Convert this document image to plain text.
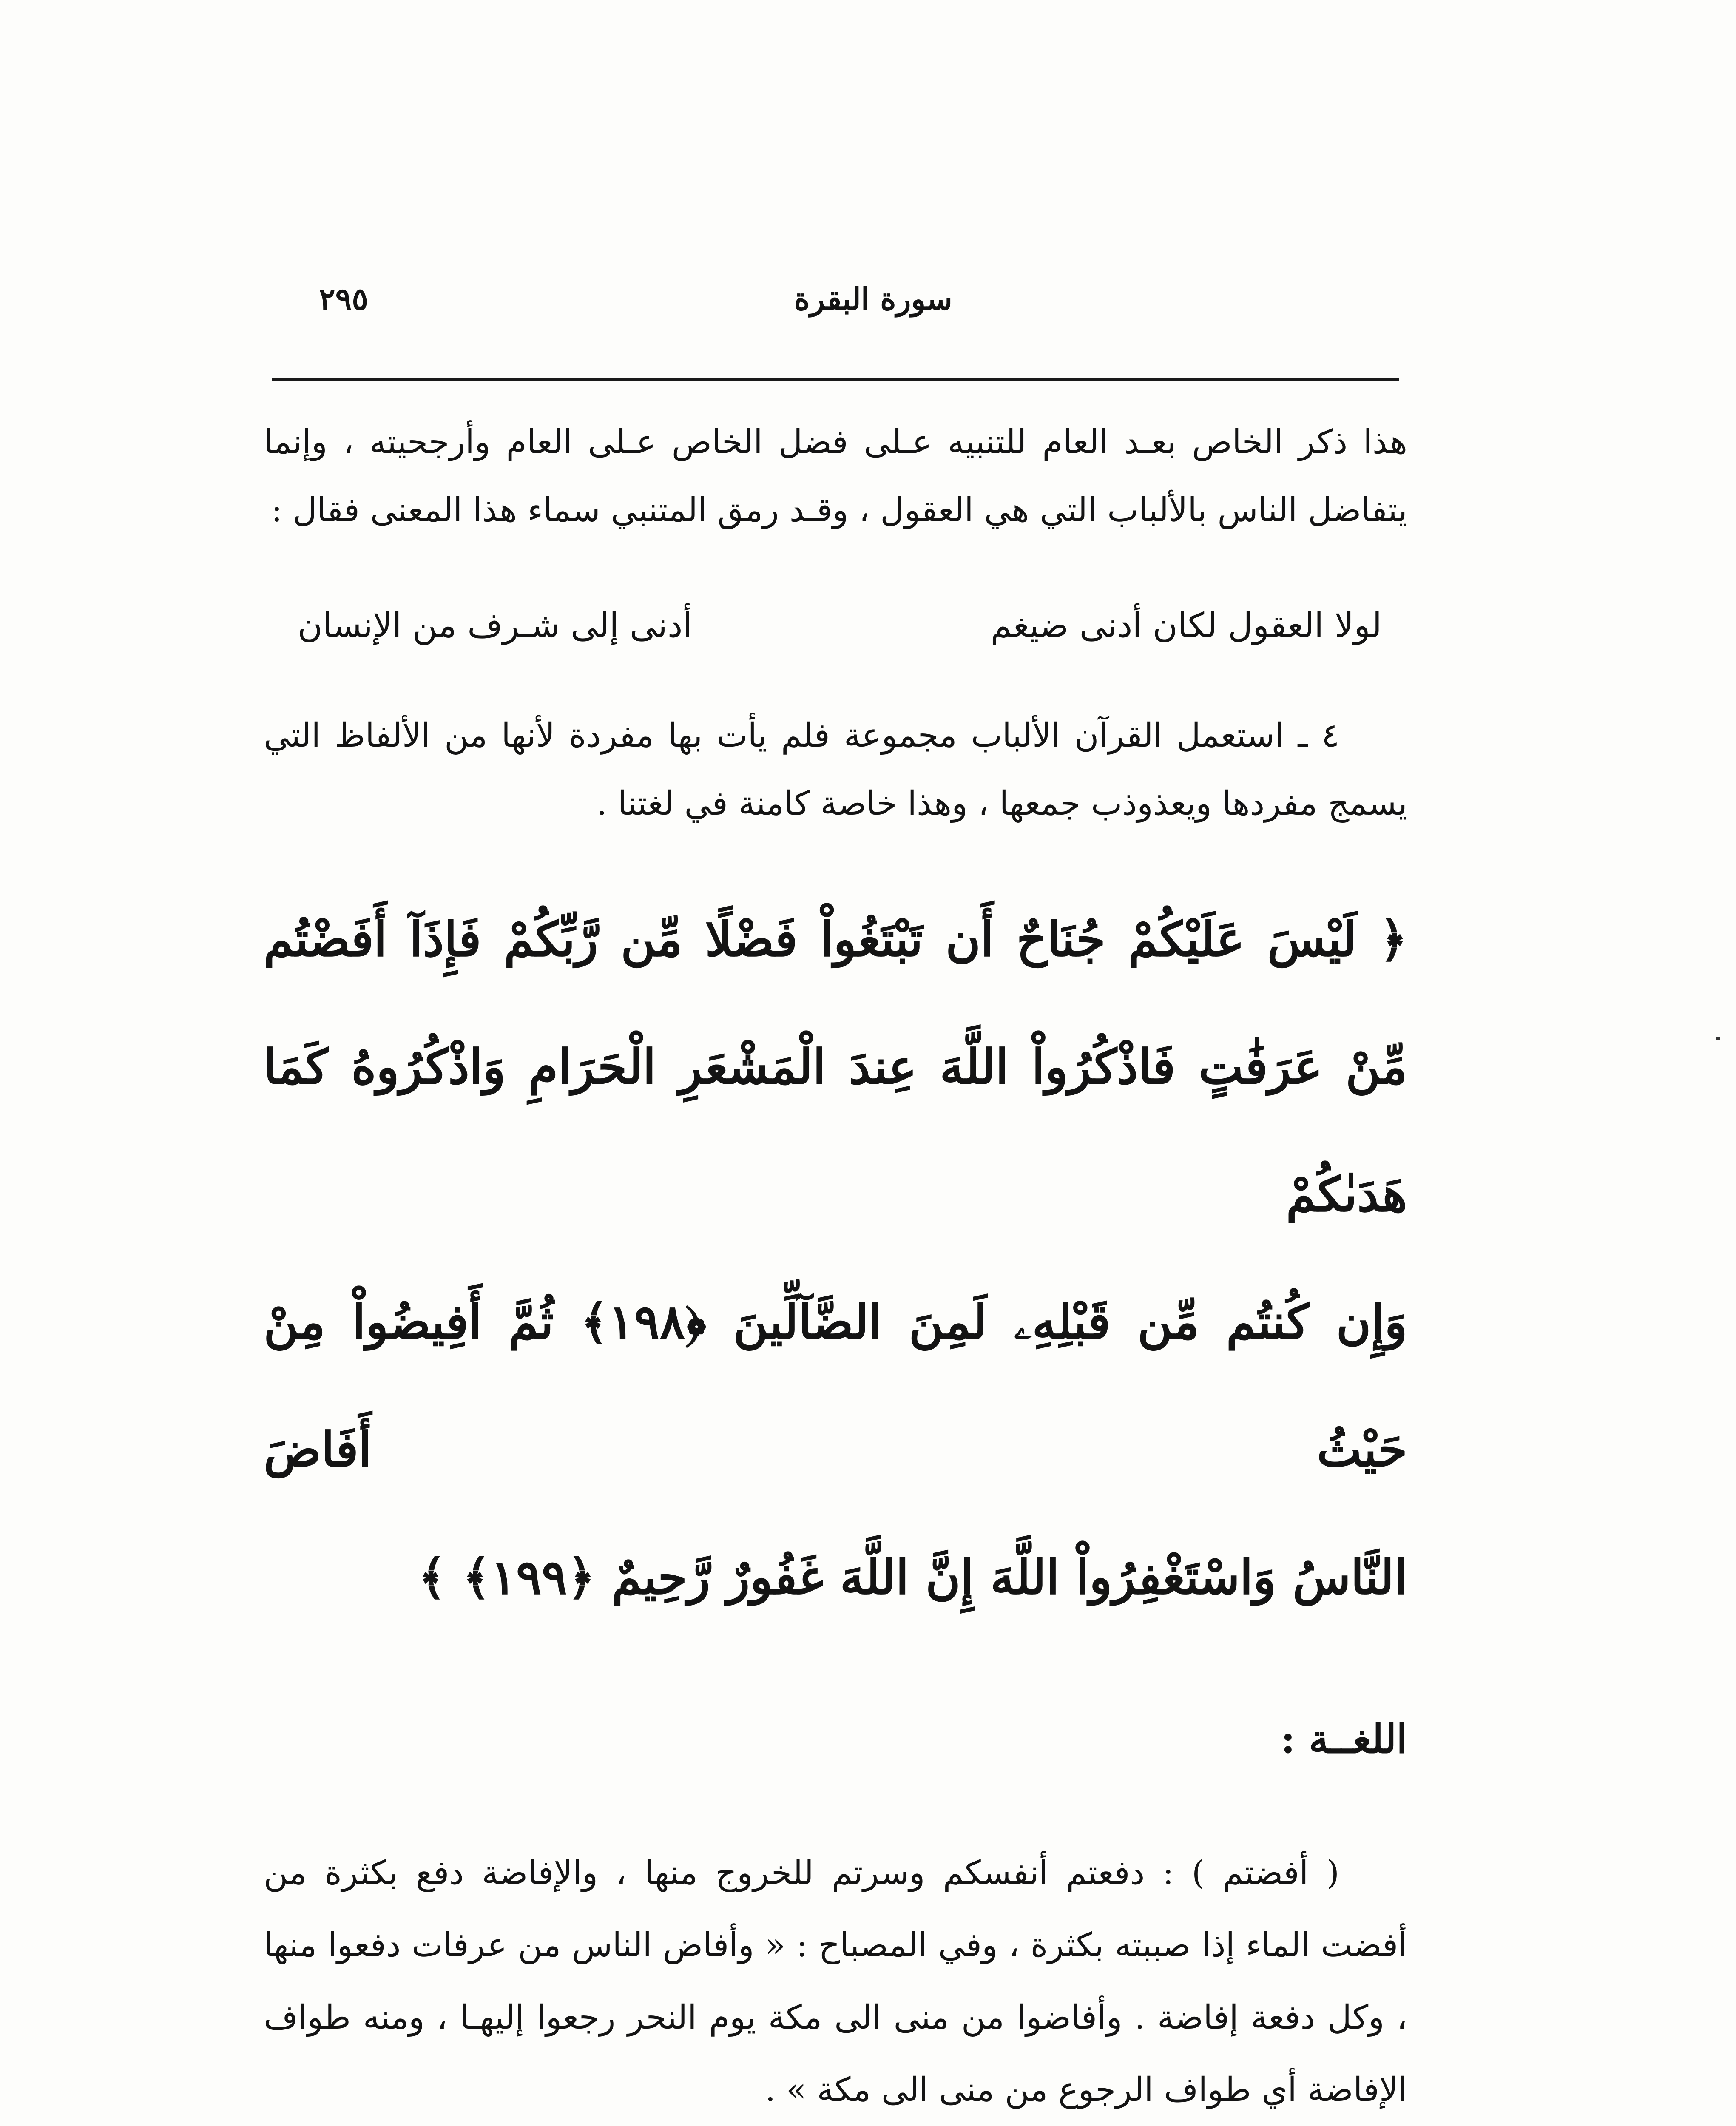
٢٩٥	سورة البقرة

هذا ذكر الخاص بعـد العام للتنبيه عـلى فضل الخاص عـلى العام وأرجحيته ، وإنما يتفاضل الناس بالألباب التي هي العقول ، وقـد رمق المتنبي سماء هذا المعنى فقال :

لولا العقول لكان أدنى ضيغم
أدنى إلى شـرف من الإنسان

٤ ـ استعمل القرآن الألباب مجموعة فلم يأت بها مفردة لأنها من الألفاظ التي يسمج مفردها ويعذوذب جمعها ، وهذا خاصة كامنة في لغتنا .

﴿ لَيْسَ عَلَيْكُمْ جُنَاحٌ أَن تَبْتَغُواْ فَضْلًا مِّن رَّبِّكُمْ فَإِذَآ أَفَضْتُم
مِّنْ عَرَفَٰتٍ فَاذْكُرُواْ اللَّهَ عِندَ الْمَشْعَرِ الْحَرَامِ وَاذْكُرُوهُ كَمَا هَدَىٰكُمْ
وَإِن كُنتُم مِّن قَبْلِهِۦ لَمِنَ الضَّآلِّينَ ﴿١٩٨﴾ ثُمَّ أَفِيضُواْ مِنْ حَيْثُ أَفَاضَ
النَّاسُ وَاسْتَغْفِرُواْ اللَّهَ إِنَّ اللَّهَ غَفُورٌ رَّحِيمٌ ﴿١٩٩﴾ ﴾
اللغــة :

( أفضتم ) : دفعتم أنفسكم وسرتم للخروج منها ، والإفاضة دفع بكثرة من أفضت الماء إذا صببته بكثرة ، وفي المصباح : « وأفاض الناس من عرفات دفعوا منها ، وكل دفعة إفاضة . وأفاضوا من منى الى مكة يوم النحر رجعوا إليهـا ، ومنه طواف الإفاضة أي طواف الرجوع من منى الى مكة » .
